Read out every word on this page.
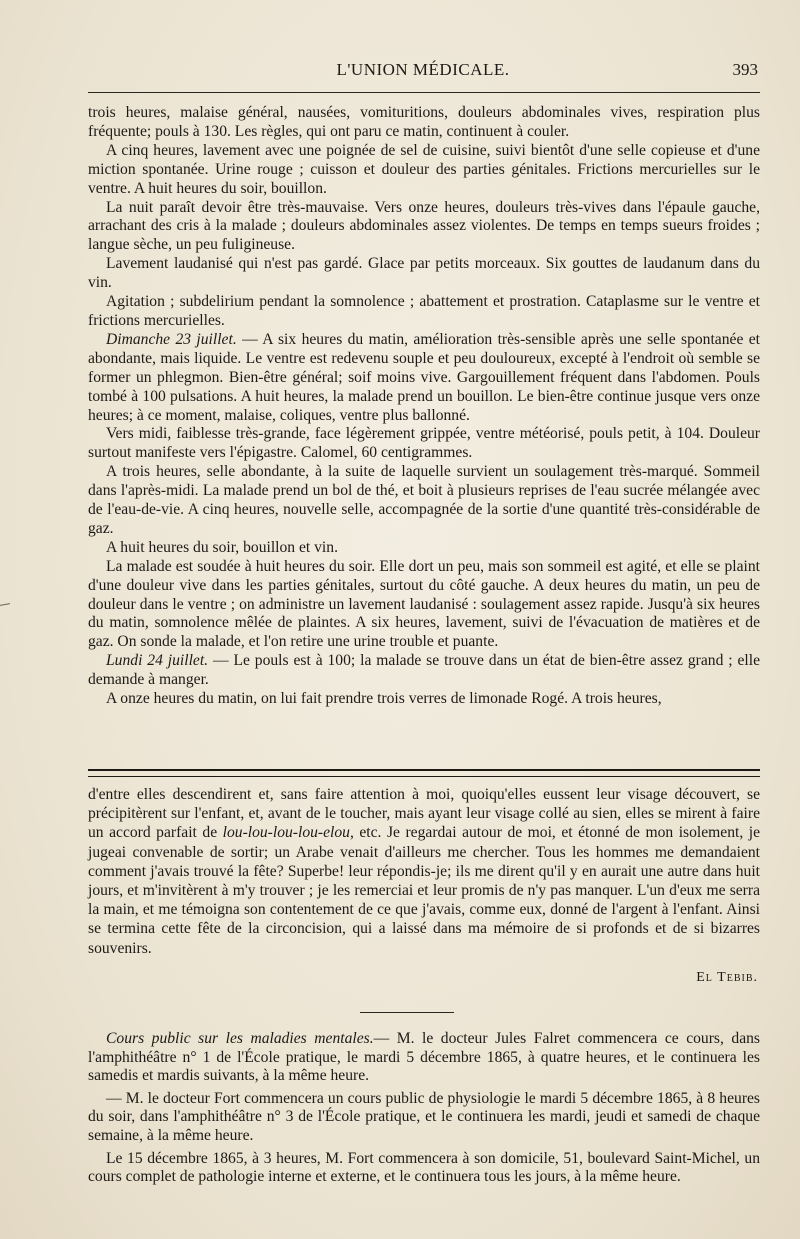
L'UNION MÉDICALE.	393

trois heures, malaise général, nausées, vomituritions, douleurs abdominales vives, respiration plus fréquente; pouls à 130. Les règles, qui ont paru ce matin, continuent à couler.

A cinq heures, lavement avec une poignée de sel de cuisine, suivi bientôt d'une selle copieuse et d'une miction spontanée. Urine rouge ; cuisson et douleur des parties génitales. Frictions mercurielles sur le ventre. A huit heures du soir, bouillon.

La nuit paraît devoir être très-mauvaise. Vers onze heures, douleurs très-vives dans l'épaule gauche, arrachant des cris à la malade ; douleurs abdominales assez violentes. De temps en temps sueurs froides ; langue sèche, un peu fuligineuse.

Lavement laudanisé qui n'est pas gardé. Glace par petits morceaux. Six gouttes de laudanum dans du vin.

Agitation ; subdelirium pendant la somnolence ; abattement et prostration. Cataplasme sur le ventre et frictions mercurielles.

Dimanche 23 juillet. — A six heures du matin, amélioration très-sensible après une selle spontanée et abondante, mais liquide. Le ventre est redevenu souple et peu douloureux, excepté à l'endroit où semble se former un phlegmon. Bien-être général; soif moins vive. Gargouillement fréquent dans l'abdomen. Pouls tombé à 100 pulsations. A huit heures, la malade prend un bouillon. Le bien-être continue jusque vers onze heures; à ce moment, malaise, coliques, ventre plus ballonné.

Vers midi, faiblesse très-grande, face légèrement grippée, ventre météorisé, pouls petit, à 104. Douleur surtout manifeste vers l'épigastre. Calomel, 60 centigrammes.

A trois heures, selle abondante, à la suite de laquelle survient un soulagement très-marqué. Sommeil dans l'après-midi. La malade prend un bol de thé, et boit à plusieurs reprises de l'eau sucrée mélangée avec de l'eau-de-vie. A cinq heures, nouvelle selle, accompagnée de la sortie d'une quantité très-considérable de gaz.

A huit heures du soir, bouillon et vin.

La malade est soudée à huit heures du soir. Elle dort un peu, mais son sommeil est agité, et elle se plaint d'une douleur vive dans les parties génitales, surtout du côté gauche. A deux heures du matin, un peu de douleur dans le ventre ; on administre un lavement laudanisé : soulagement assez rapide. Jusqu'à six heures du matin, somnolence mêlée de plaintes. A six heures, lavement, suivi de l'évacuation de matières et de gaz. On sonde la malade, et l'on retire une urine trouble et puante.

Lundi 24 juillet. — Le pouls est à 100; la malade se trouve dans un état de bien-être assez grand ; elle demande à manger.

A onze heures du matin, on lui fait prendre trois verres de limonade Rogé. A trois heures,

d'entre elles descendirent et, sans faire attention à moi, quoiqu'elles eussent leur visage découvert, se précipitèrent sur l'enfant, et, avant de le toucher, mais ayant leur visage collé au sien, elles se mirent à faire un accord parfait de lou-lou-lou-lou-elou, etc. Je regardai autour de moi, et étonné de mon isolement, je jugeai convenable de sortir; un Arabe venait d'ailleurs me chercher. Tous les hommes me demandaient comment j'avais trouvé la fête? Superbe! leur répondis-je; ils me dirent qu'il y en aurait une autre dans huit jours, et m'invitèrent à m'y trouver ; je les remerciai et leur promis de n'y pas manquer. L'un d'eux me serra la main, et me témoigna son contentement de ce que j'avais, comme eux, donné de l'argent à l'enfant. Ainsi se termina cette fête de la circoncision, qui a laissé dans ma mémoire de si profonds et de si bizarres souvenirs.

El Tebib.

Cours public sur les maladies mentales.— M. le docteur Jules Falret commencera ce cours, dans l'amphithéâtre n° 1 de l'École pratique, le mardi 5 décembre 1865, à quatre heures, et le continuera les samedis et mardis suivants, à la même heure.

— M. le docteur Fort commencera un cours public de physiologie le mardi 5 décembre 1865, à 8 heures du soir, dans l'amphithéâtre n° 3 de l'École pratique, et le continuera les mardi, jeudi et samedi de chaque semaine, à la même heure.

Le 15 décembre 1865, à 3 heures, M. Fort commencera à son domicile, 51, boulevard Saint-Michel, un cours complet de pathologie interne et externe, et le continuera tous les jours, à la même heure.
